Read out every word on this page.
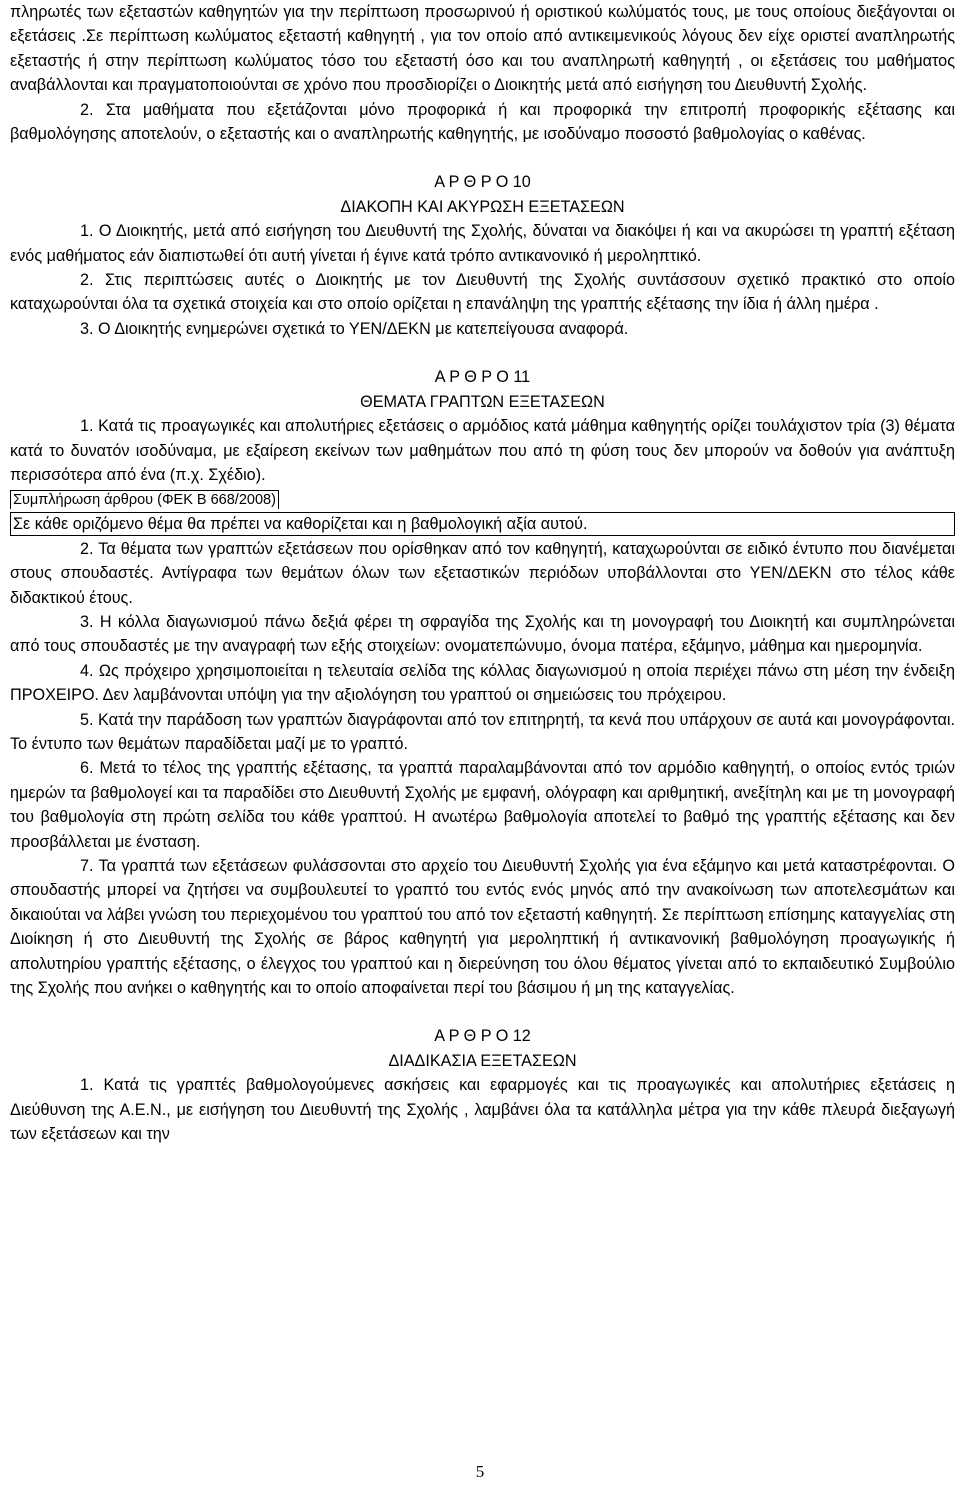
πληρωτές των εξεταστών καθηγητών για την περίπτωση προσωρινού ή οριστικού κωλύματός τους, με τους οποίους διεξάγονται οι εξετάσεις .Σε περίπτωση κωλύματος εξεταστή καθηγητή , για τον οποίο από αντικειμενικούς λόγους δεν είχε οριστεί αναπληρωτής εξεταστής ή στην περίπτωση κωλύματος τόσο του εξεταστή όσο και του αναπληρωτή καθηγητή , οι εξετάσεις του μαθήματος αναβάλλονται και πραγματοποιούνται σε χρόνο που προσδιορίζει ο Διοικητής μετά από εισήγηση του Διευθυντή Σχολής.

2. Στα μαθήματα που εξετάζονται μόνο προφορικά ή και προφορικά την επιτροπή προφορικής εξέτασης και βαθμολόγησης αποτελούν, ο εξεταστής και ο αναπληρωτής καθηγητής, με ισοδύναμο ποσοστό βαθμολογίας ο καθένας.

Α Ρ Θ Ρ Ο 10

ΔΙΑΚΟΠΗ ΚΑΙ ΑΚΥΡΩΣΗ ΕΞΕΤΑΣΕΩΝ

1. Ο Διοικητής, μετά από εισήγηση του Διευθυντή της Σχολής, δύναται να διακόψει ή και να ακυρώσει τη γραπτή εξέταση ενός μαθήματος εάν διαπιστωθεί ότι αυτή γίνεται ή έγινε κατά τρόπο αντικανονικό ή μεροληπτικό.

2. Στις περιπτώσεις αυτές ο Διοικητής με τον Διευθυντή της Σχολής συντάσσουν σχετικό πρακτικό στο οποίο καταχωρούνται όλα τα σχετικά στοιχεία και στο οποίο ορίζεται η επανάληψη της γραπτής εξέτασης την ίδια ή άλλη ημέρα .

3. Ο Διοικητής ενημερώνει σχετικά το ΥΕΝ/ΔΕΚΝ με κατεπείγουσα αναφορά.

Α Ρ Θ Ρ Ο 11

ΘΕΜΑΤΑ ΓΡΑΠΤΩΝ ΕΞΕΤΑΣΕΩΝ

1. Κατά τις προαγωγικές και απολυτήριες εξετάσεις ο αρμόδιος κατά μάθημα καθηγητής ορίζει τουλάχιστον τρία (3) θέματα κατά το δυνατόν ισοδύναμα, με εξαίρεση εκείνων των μαθημάτων που από τη φύση τους δεν μπορούν να δοθούν για ανάπτυξη περισσότερα από ένα (π.χ. Σχέδιο).

Συμπλήρωση άρθρου (ΦΕΚ Β 668/2008)
Σε κάθε οριζόμενο θέμα θα πρέπει να καθορίζεται και η βαθμολογική αξία αυτού.

2. Τα θέματα των γραπτών εξετάσεων που ορίσθηκαν από τον καθηγητή, καταχωρούνται σε ειδικό έντυπο που διανέμεται στους σπουδαστές. Αντίγραφα των θεμάτων όλων των εξεταστικών περιόδων υποβάλλονται στο ΥΕΝ/ΔΕΚΝ στο τέλος κάθε διδακτικού έτους.

3. Η κόλλα διαγωνισμού πάνω δεξιά φέρει τη σφραγίδα της Σχολής και τη μονογραφή του Διοικητή και συμπληρώνεται από τους σπουδαστές με την αναγραφή των εξής στοιχείων: ονοματεπώνυμο, όνομα πατέρα, εξάμηνο, μάθημα και ημερομηνία.

4. Ως πρόχειρο χρησιμοποιείται η τελευταία σελίδα της κόλλας διαγωνισμού η οποία περιέχει πάνω στη μέση την ένδειξη ΠΡΟΧΕΙΡΟ. Δεν λαμβάνονται υπόψη για την αξιολόγηση του γραπτού οι σημειώσεις του πρόχειρου.

5. Κατά την παράδοση των γραπτών διαγράφονται από τον επιτηρητή, τα κενά που υπάρχουν σε αυτά και μονογράφονται. Το έντυπο των θεμάτων παραδίδεται μαζί με το γραπτό.

6. Μετά το τέλος της γραπτής εξέτασης, τα γραπτά παραλαμβάνονται από τον αρμόδιο καθηγητή, ο οποίος εντός τριών ημερών τα βαθμολογεί και τα παραδίδει στο Διευθυντή Σχολής με εμφανή, ολόγραφη και αριθμητική, ανεξίτηλη και με τη μονογραφή του βαθμολογία στη πρώτη σελίδα του κάθε γραπτού. Η ανωτέρω βαθμολογία αποτελεί το βαθμό της γραπτής εξέτασης και δεν προσβάλλεται με ένσταση.

7. Τα γραπτά των εξετάσεων φυλάσσονται στο αρχείο του Διευθυντή Σχολής για ένα εξάμηνο και μετά καταστρέφονται. Ο σπουδαστής μπορεί να ζητήσει να συμβουλευτεί το γραπτό του εντός ενός μηνός από την ανακοίνωση των αποτελεσμάτων και δικαιούται να λάβει γνώση του περιεχομένου του γραπτού του από τον εξεταστή καθηγητή. Σε περίπτωση επίσημης καταγγελίας στη Διοίκηση ή στο Διευθυντή της Σχολής σε βάρος καθηγητή για μεροληπτική ή αντικανονική βαθμολόγηση προαγωγικής ή απολυτηρίου γραπτής εξέτασης, ο έλεγχος του γραπτού και η διερεύνηση του όλου θέματος γίνεται από το εκπαιδευτικό Συμβούλιο της Σχολής που ανήκει ο καθηγητής και το οποίο αποφαίνεται περί του βάσιμου ή μη της καταγγελίας.

Α Ρ Θ Ρ Ο 12

ΔΙΑΔΙΚΑΣΙΑ ΕΞΕΤΑΣΕΩΝ

1. Κατά τις γραπτές βαθμολογούμενες ασκήσεις και εφαρμογές και τις προαγωγικές και απολυτήριες εξετάσεις η Διεύθυνση της Α.Ε.Ν., με εισήγηση του Διευθυντή της Σχολής , λαμβάνει όλα τα κατάλληλα μέτρα για την κάθε πλευρά διεξαγωγή των εξετάσεων και την

5
